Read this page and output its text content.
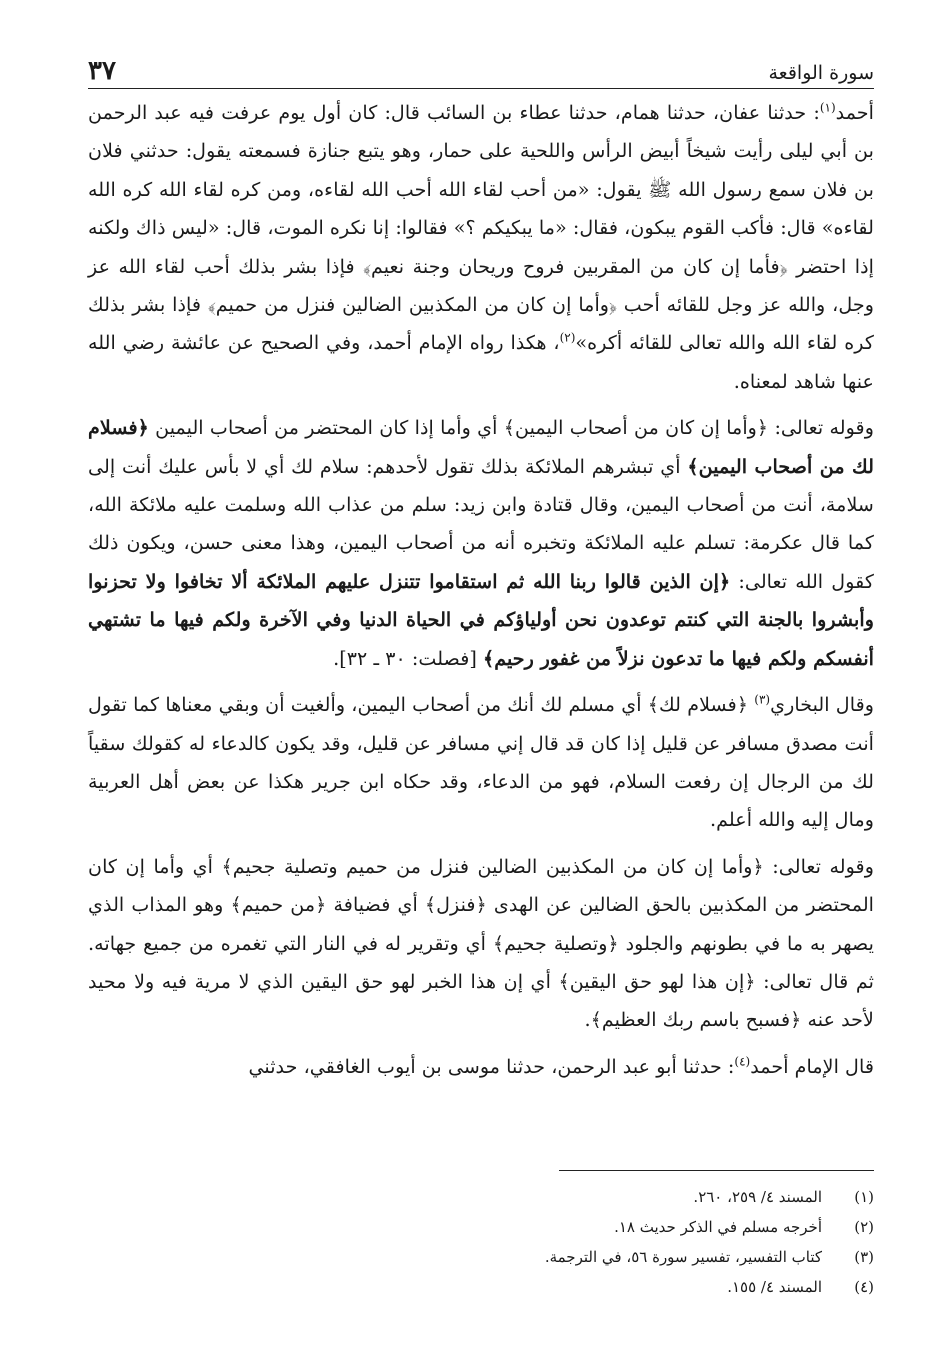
سورة الواقعة
٣٧

أحمد$^{(١)}$: حدثنا عفان، حدثنا همام، حدثنا عطاء بن السائب قال: كان أول يوم عرفت فيه عبد الرحمن بن أبي ليلى رأيت شيخاً أبيض الرأس واللحية على حمار، وهو يتبع جنازة فسمعته يقول: حدثني فلان بن فلان سمع رسول الله ﷺ يقول: «من أحب لقاء الله أحب الله لقاءه، ومن كره لقاء الله كره الله لقاءه» قال: فأكب القوم يبكون، فقال: «ما يبكيكم ؟» فقالوا: إنا نكره الموت، قال: «ليس ذاك ولكنه إذا احتضر ﴿فأما إن كان من المقربين فروح وريحان وجنة نعيم﴾ فإذا بشر بذلك أحب لقاء الله عز وجل، والله عز وجل للقائه أحب ﴿وأما إن كان من المكذبين الضالين فنزل من حميم﴾ فإذا بشر بذلك كره لقاء الله والله تعالى للقائه أكره»$^{(٢)}$، هكذا رواه الإمام أحمد، وفي الصحيح عن عائشة رضي الله عنها شاهد لمعناه.

وقوله تعالى: ﴿وأما إن كان من أصحاب اليمين﴾ أي وأما إذا كان المحتضر من أصحاب اليمين ﴿فسلام لك من أصحاب اليمين﴾ أي تبشرهم الملائكة بذلك تقول لأحدهم: سلام لك أي لا بأس عليك أنت إلى سلامة، أنت من أصحاب اليمين، وقال قتادة وابن زيد: سلم من عذاب الله وسلمت عليه ملائكة الله، كما قال عكرمة: تسلم عليه الملائكة وتخبره أنه من أصحاب اليمين، وهذا معنى حسن، ويكون ذلك كقول الله تعالى: ﴿إن الذين قالوا ربنا الله ثم استقاموا تتنزل عليهم الملائكة ألا تخافوا ولا تحزنوا وأبشروا بالجنة التي كنتم توعدون نحن أولياؤكم في الحياة الدنيا وفي الآخرة ولكم فيها ما تشتهي أنفسكم ولكم فيها ما تدعون نزلاً من غفور رحيم﴾ [فصلت: ٣٠ ـ ٣٢].

وقال البخاري$^{(٣)}$ ﴿فسلام لك﴾ أي مسلم لك أنك من أصحاب اليمين، وألغيت أن وبقي معناها كما تقول أنت مصدق مسافر عن قليل إذا كان قد قال إني مسافر عن قليل، وقد يكون كالدعاء له كقولك سقياً لك من الرجال إن رفعت السلام، فهو من الدعاء، وقد حكاه ابن جرير هكذا عن بعض أهل العربية ومال إليه والله أعلم.

وقوله تعالى: ﴿وأما إن كان من المكذبين الضالين فنزل من حميم وتصلية جحيم﴾ أي وأما إن كان المحتضر من المكذبين بالحق الضالين عن الهدى ﴿فنزل﴾ أي فضيافة ﴿من حميم﴾ وهو المذاب الذي يصهر به ما في بطونهم والجلود ﴿وتصلية جحيم﴾ أي وتقرير له في النار التي تغمره من جميع جهاته. ثم قال تعالى: ﴿إن هذا لهو حق اليقين﴾ أي إن هذا الخبر لهو حق اليقين الذي لا مرية فيه ولا محيد لأحد عنه ﴿فسبح باسم ربك العظيم﴾.

قال الإمام أحمد$^{(٤)}$: حدثنا أبو عبد الرحمن، حدثنا موسى بن أيوب الغافقي، حدثني

(١)
المسند ٤/ ٢٥٩، ٢٦٠.
(٢)
أخرجه مسلم في الذكر حديث ١٨.
(٣)
كتاب التفسير، تفسير سورة ٥٦، في الترجمة.
(٤)
المسند ٤/ ١٥٥.
